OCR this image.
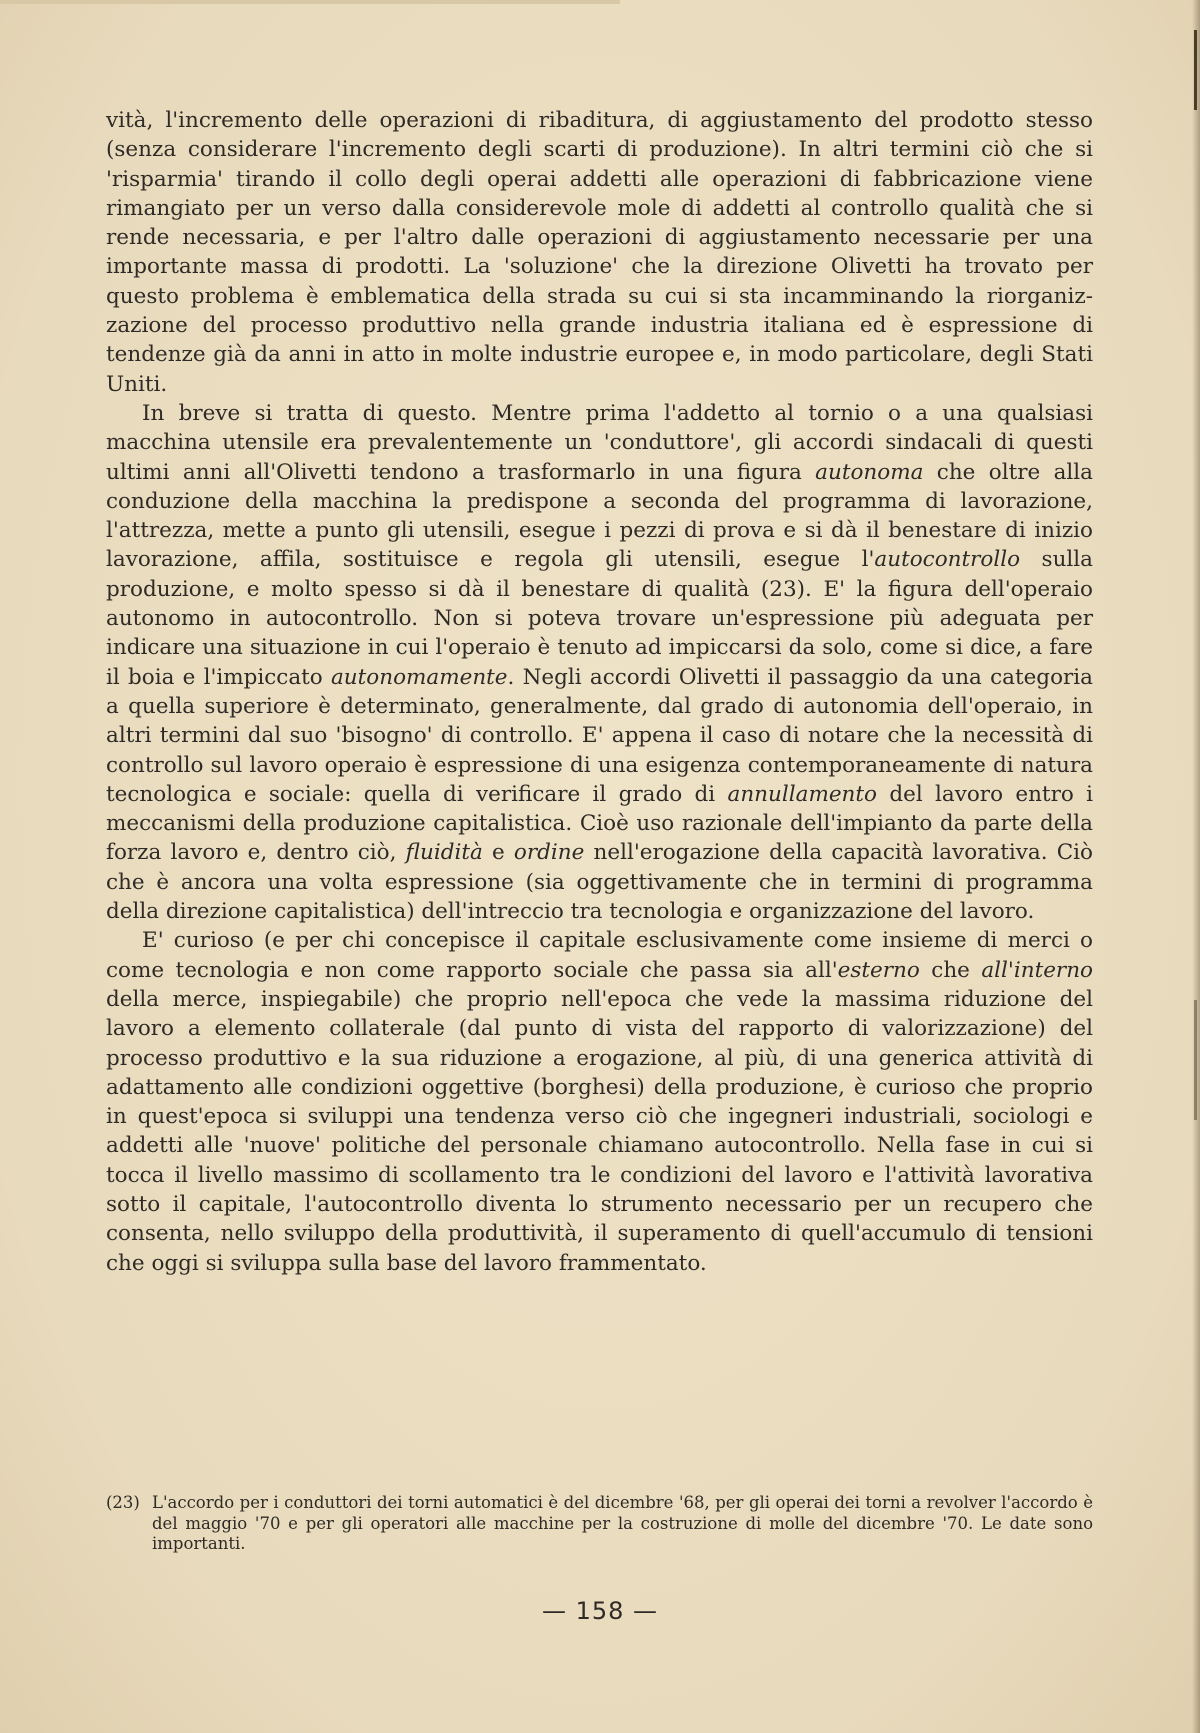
vità, l'incremento delle operazioni di ribaditura, di aggiustamento del prodotto stesso (senza considerare l'incremento degli scarti di produzione). In altri termini ciò che si 'risparmia' tirando il collo degli operai addetti alle operazioni di fabbricazione viene rimangiato per un verso dalla considerevole mole di addetti al controllo qualità che si rende necessaria, e per l'altro dalle operazioni di aggiustamento necessarie per una importante massa di prodotti. La 'soluzione' che la direzione Olivetti ha trovato per questo problema è emblematica della strada su cui si sta incamminando la riorganizzazione del processo produttivo nella grande industria italiana ed è espressione di tendenze già da anni in atto in molte industrie europee e, in modo particolare, degli Stati Uniti.

In breve si tratta di questo. Mentre prima l'addetto al tornio o a una qualsiasi macchina utensile era prevalentemente un 'conduttore', gli accordi sindacali di questi ultimi anni all'Olivetti tendono a trasformarlo in una figura autonoma che oltre alla conduzione della macchina la predispone a seconda del programma di lavorazione, l'attrezza, mette a punto gli utensili, esegue i pezzi di prova e si dà il benestare di inizio lavorazione, affila, sostituisce e regola gli utensili, esegue l'autocontrollo sulla produzione, e molto spesso si dà il benestare di qualità (23). E' la figura dell'operaio autonomo in autocontrollo. Non si poteva trovare un'espressione più adeguata per indicare una situazione in cui l'operaio è tenuto ad impiccarsi da solo, come si dice, a fare il boia e l'impiccato autonomamente. Negli accordi Olivetti il passaggio da una categoria a quella superiore è determinato, generalmente, dal grado di autonomia dell'operaio, in altri termini dal suo 'bisogno' di controllo. E' appena il caso di notare che la necessità di controllo sul lavoro operaio è espressione di una esigenza contemporaneamente di natura tecnologica e sociale: quella di verificare il grado di annullamento del lavoro entro i meccanismi della produzione capitalistica. Cioè uso razionale dell'impianto da parte della forza lavoro e, dentro ciò, fluidità e ordine nell'erogazione della capacità lavorativa. Ciò che è ancora una volta espressione (sia oggettivamente che in termini di programma della direzione capitalistica) dell'intreccio tra tecnologia e organizzazione del lavoro.

E' curioso (e per chi concepisce il capitale esclusivamente come insieme di merci o come tecnologia e non come rapporto sociale che passa sia all'esterno che all'interno della merce, inspiegabile) che proprio nell'epoca che vede la massima riduzione del lavoro a elemento collaterale (dal punto di vista del rapporto di valorizzazione) del processo produttivo e la sua riduzione a erogazione, al più, di una generica attività di adattamento alle condizioni oggettive (borghesi) della produzione, è curioso che proprio in quest'epoca si sviluppi una tendenza verso ciò che ingegneri industriali, sociologi e addetti alle 'nuove' politiche del personale chiamano autocontrollo. Nella fase in cui si tocca il livello massimo di scollamento tra le condizioni del lavoro e l'attività lavorativa sotto il capitale, l'autocontrollo diventa lo strumento necessario per un recupero che consenta, nello sviluppo della produttività, il superamento di quell'accumulo di tensioni che oggi si sviluppa sulla base del lavoro frammentato.

(23) L'accordo per i conduttori dei torni automatici è del dicembre '68, per gli operai dei torni a revolver l'accordo è del maggio '70 e per gli operatori alle macchine per la costruzione di molle del dicembre '70. Le date sono importanti.
— 158 —
